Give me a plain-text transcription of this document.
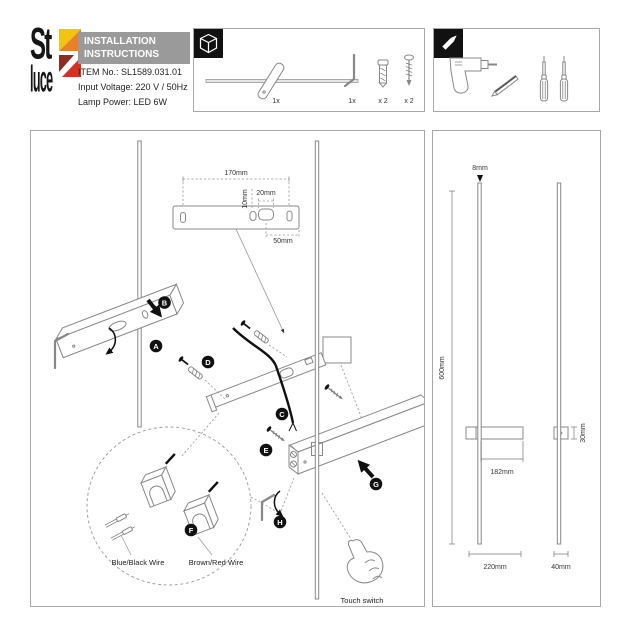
St
luce
INSTALLATION
INSTRUCTIONS
ITEM No.: SL1589.031.01
Input Voltage: 220 V / 50Hz
Lamp Power: LED 6W	1x	1x	x 2 x 2
A
B
170mm
10mm 20mm
50mm
C
D
E
F
Blue/Black Wire	Brown/Red Wire
G
H
Touch switch
8mm
600mm
182mm
220mm
30mm
40mm
